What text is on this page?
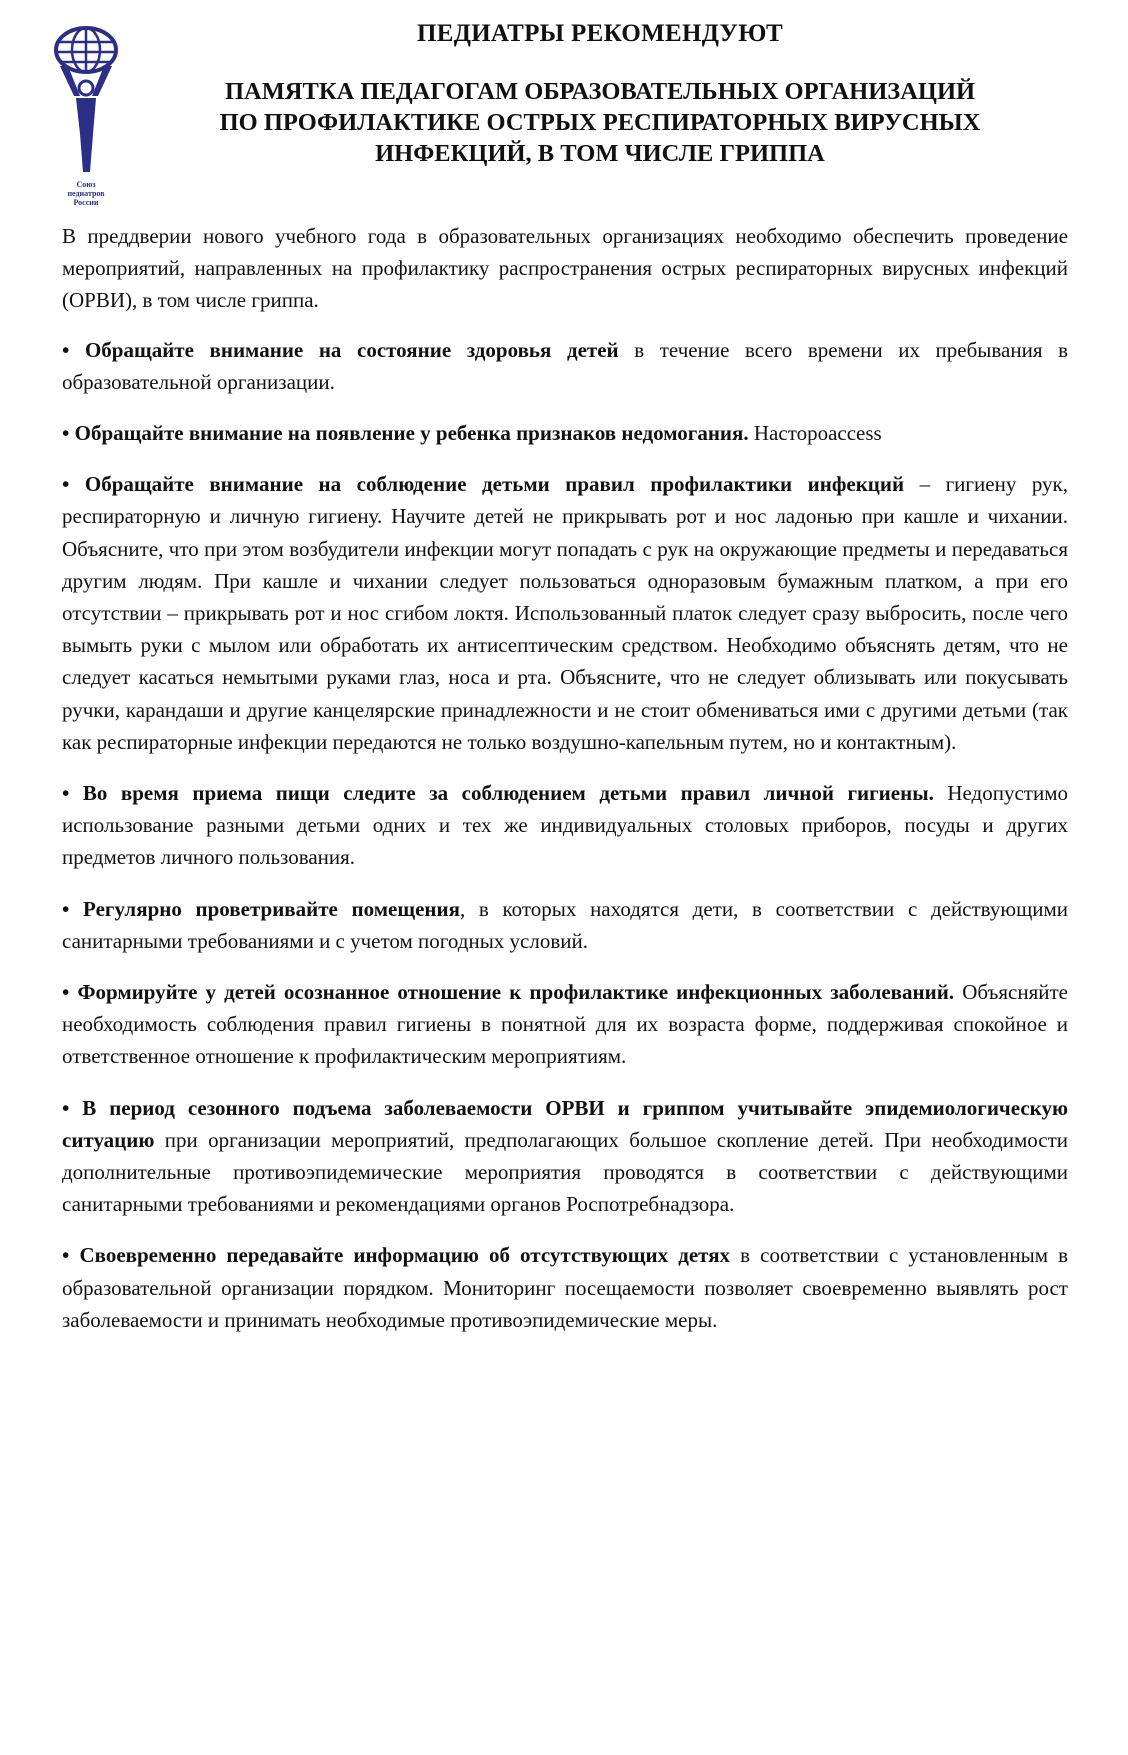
Союз
педиатров
России
ПЕДИАТРЫ РЕКОМЕНДУЮТ
ПАМЯТКА ПЕДАГОГАМ ОБРАЗОВАТЕЛЬНЫХ ОРГАНИЗАЦИЙ
ПО ПРОФИЛАКТИКЕ ОСТРЫХ РЕСПИРАТОРНЫХ ВИРУСНЫХ
ИНФЕКЦИЙ, В ТОМ ЧИСЛЕ ГРИППА

В преддверии нового учебного года в образовательных организациях необходимо обеспечить проведение мероприятий, направленных на профилактику распространения острых респираторных вирусных инфекций (ОРВИ), в том числе гриппа.

• Обращайте внимание на состояние здоровья детей в течение всего времени их пребывания в образовательной организации.

• Обращайте внимание на появление у ребенка признаков недомогания. Настороaccess

• Обращайте внимание на соблюдение детьми правил профилактики инфекций – гигиену рук, респираторную и личную гигиену. Научите детей не прикрывать рот и нос ладонью при кашле и чихании. Объясните, что при этом возбудители инфекции могут попадать с рук на окружающие предметы и передаваться другим людям. При кашле и чихании следует пользоваться одноразовым бумажным платком, а при его отсутствии – прикрывать рот и нос сгибом локтя. Использованный платок следует сразу выбросить, после чего вымыть руки с мылом или обработать их антисептическим средством. Необходимо объяснять детям, что не следует касаться немытыми руками глаз, носа и рта. Объясните, что не следует облизывать или покусывать ручки, карандаши и другие канцелярские принадлежности и не стоит обмениваться ими с другими детьми (так как респираторные инфекции передаются не только воздушно-капельным путем, но и контактным).

• Во время приема пищи следите за соблюдением детьми правил личной гигиены. Недопустимо использование разными детьми одних и тех же индивидуальных столовых приборов, посуды и других предметов личного пользования.

• Регулярно проветривайте помещения, в которых находятся дети, в соответствии с действующими санитарными требованиями и с учетом погодных условий.

• Формируйте у детей осознанное отношение к профилактике инфекционных заболеваний. Объясняйте необходимость соблюдения правил гигиены в понятной для их возраста форме, поддерживая спокойное и ответственное отношение к профилактическим мероприятиям.

• В период сезонного подъема заболеваемости ОРВИ и гриппом учитывайте эпидемиологическую ситуацию при организации мероприятий, предполагающих большое скопление детей. При необходимости дополнительные противоэпидемические мероприятия проводятся в соответствии с действующими санитарными требованиями и рекомендациями органов Роспотребнадзора.

• Своевременно передавайте информацию об отсутствующих детях в соответствии с установленным в образовательной организации порядком. Мониторинг посещаемости позволяет своевременно выявлять рост заболеваемости и принимать необходимые противоэпидемические меры.
